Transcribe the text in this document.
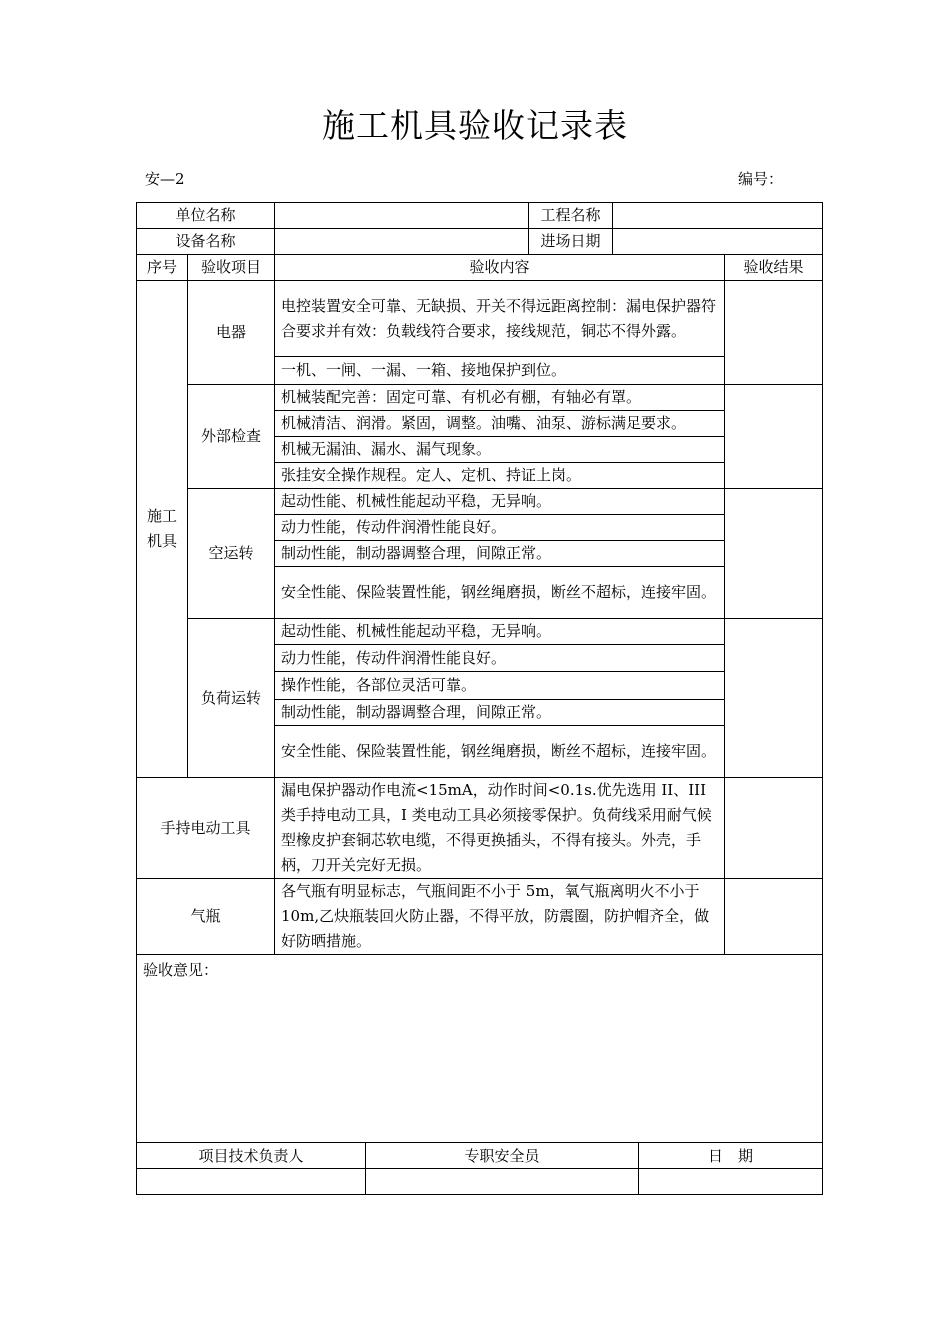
施工机具验收记录表
安—2	编号：
单位名称			工程名称		
设备名称			进场日期		
序号	验收项目	验收内容			验收结果
施工
机具	电器	电控装置安全可靠、无缺损、开关不得远距离控制：漏电保护器符合要求并有效：负载线符合要求，接线规范，铜芯不得外露。			
		一机、一闸、一漏、一箱、接地保护到位。			
	外部检查	机械装配完善：固定可靠、有机必有棚，有轴必有罩。			
		机械清洁、润滑。紧固，调整。油嘴、油泵、游标满足要求。			
		机械无漏油、漏水、漏气现象。			
		张挂安全操作规程。定人、定机、持证上岗。			
	空运转	起动性能、机械性能起动平稳，无异响。			
		动力性能，传动件润滑性能良好。			
		制动性能，制动器调整合理，间隙正常。			
		安全性能、保险装置性能，钢丝绳磨损，断丝不超标，连接牢固。			
	负荷运转	起动性能、机械性能起动平稳，无异响。			
		动力性能，传动件润滑性能良好。			
		操作性能，各部位灵活可靠。			
		制动性能，制动器调整合理，间隙正常。			
		安全性能、保险装置性能，钢丝绳磨损，断丝不超标，连接牢固。			
手持电动工具		漏电保护器动作电流<15mA，动作时间<0.1s.优先选用 II、III类手持电动工具，I 类电动工具必须接零保护。负荷线采用耐气候型橡皮护套铜芯软电缆，不得更换插头，不得有接头。外壳，手柄，刀开关完好无损。			
气瓶		各气瓶有明显标志，气瓶间距不小于 5m，氧气瓶离明火不小于 10m,乙炔瓶装回火防止器，不得平放，防震圈，防护帽齐全，做好防晒措施。			
验收意见：					
项目技术负责人	专职安全员	日　期
